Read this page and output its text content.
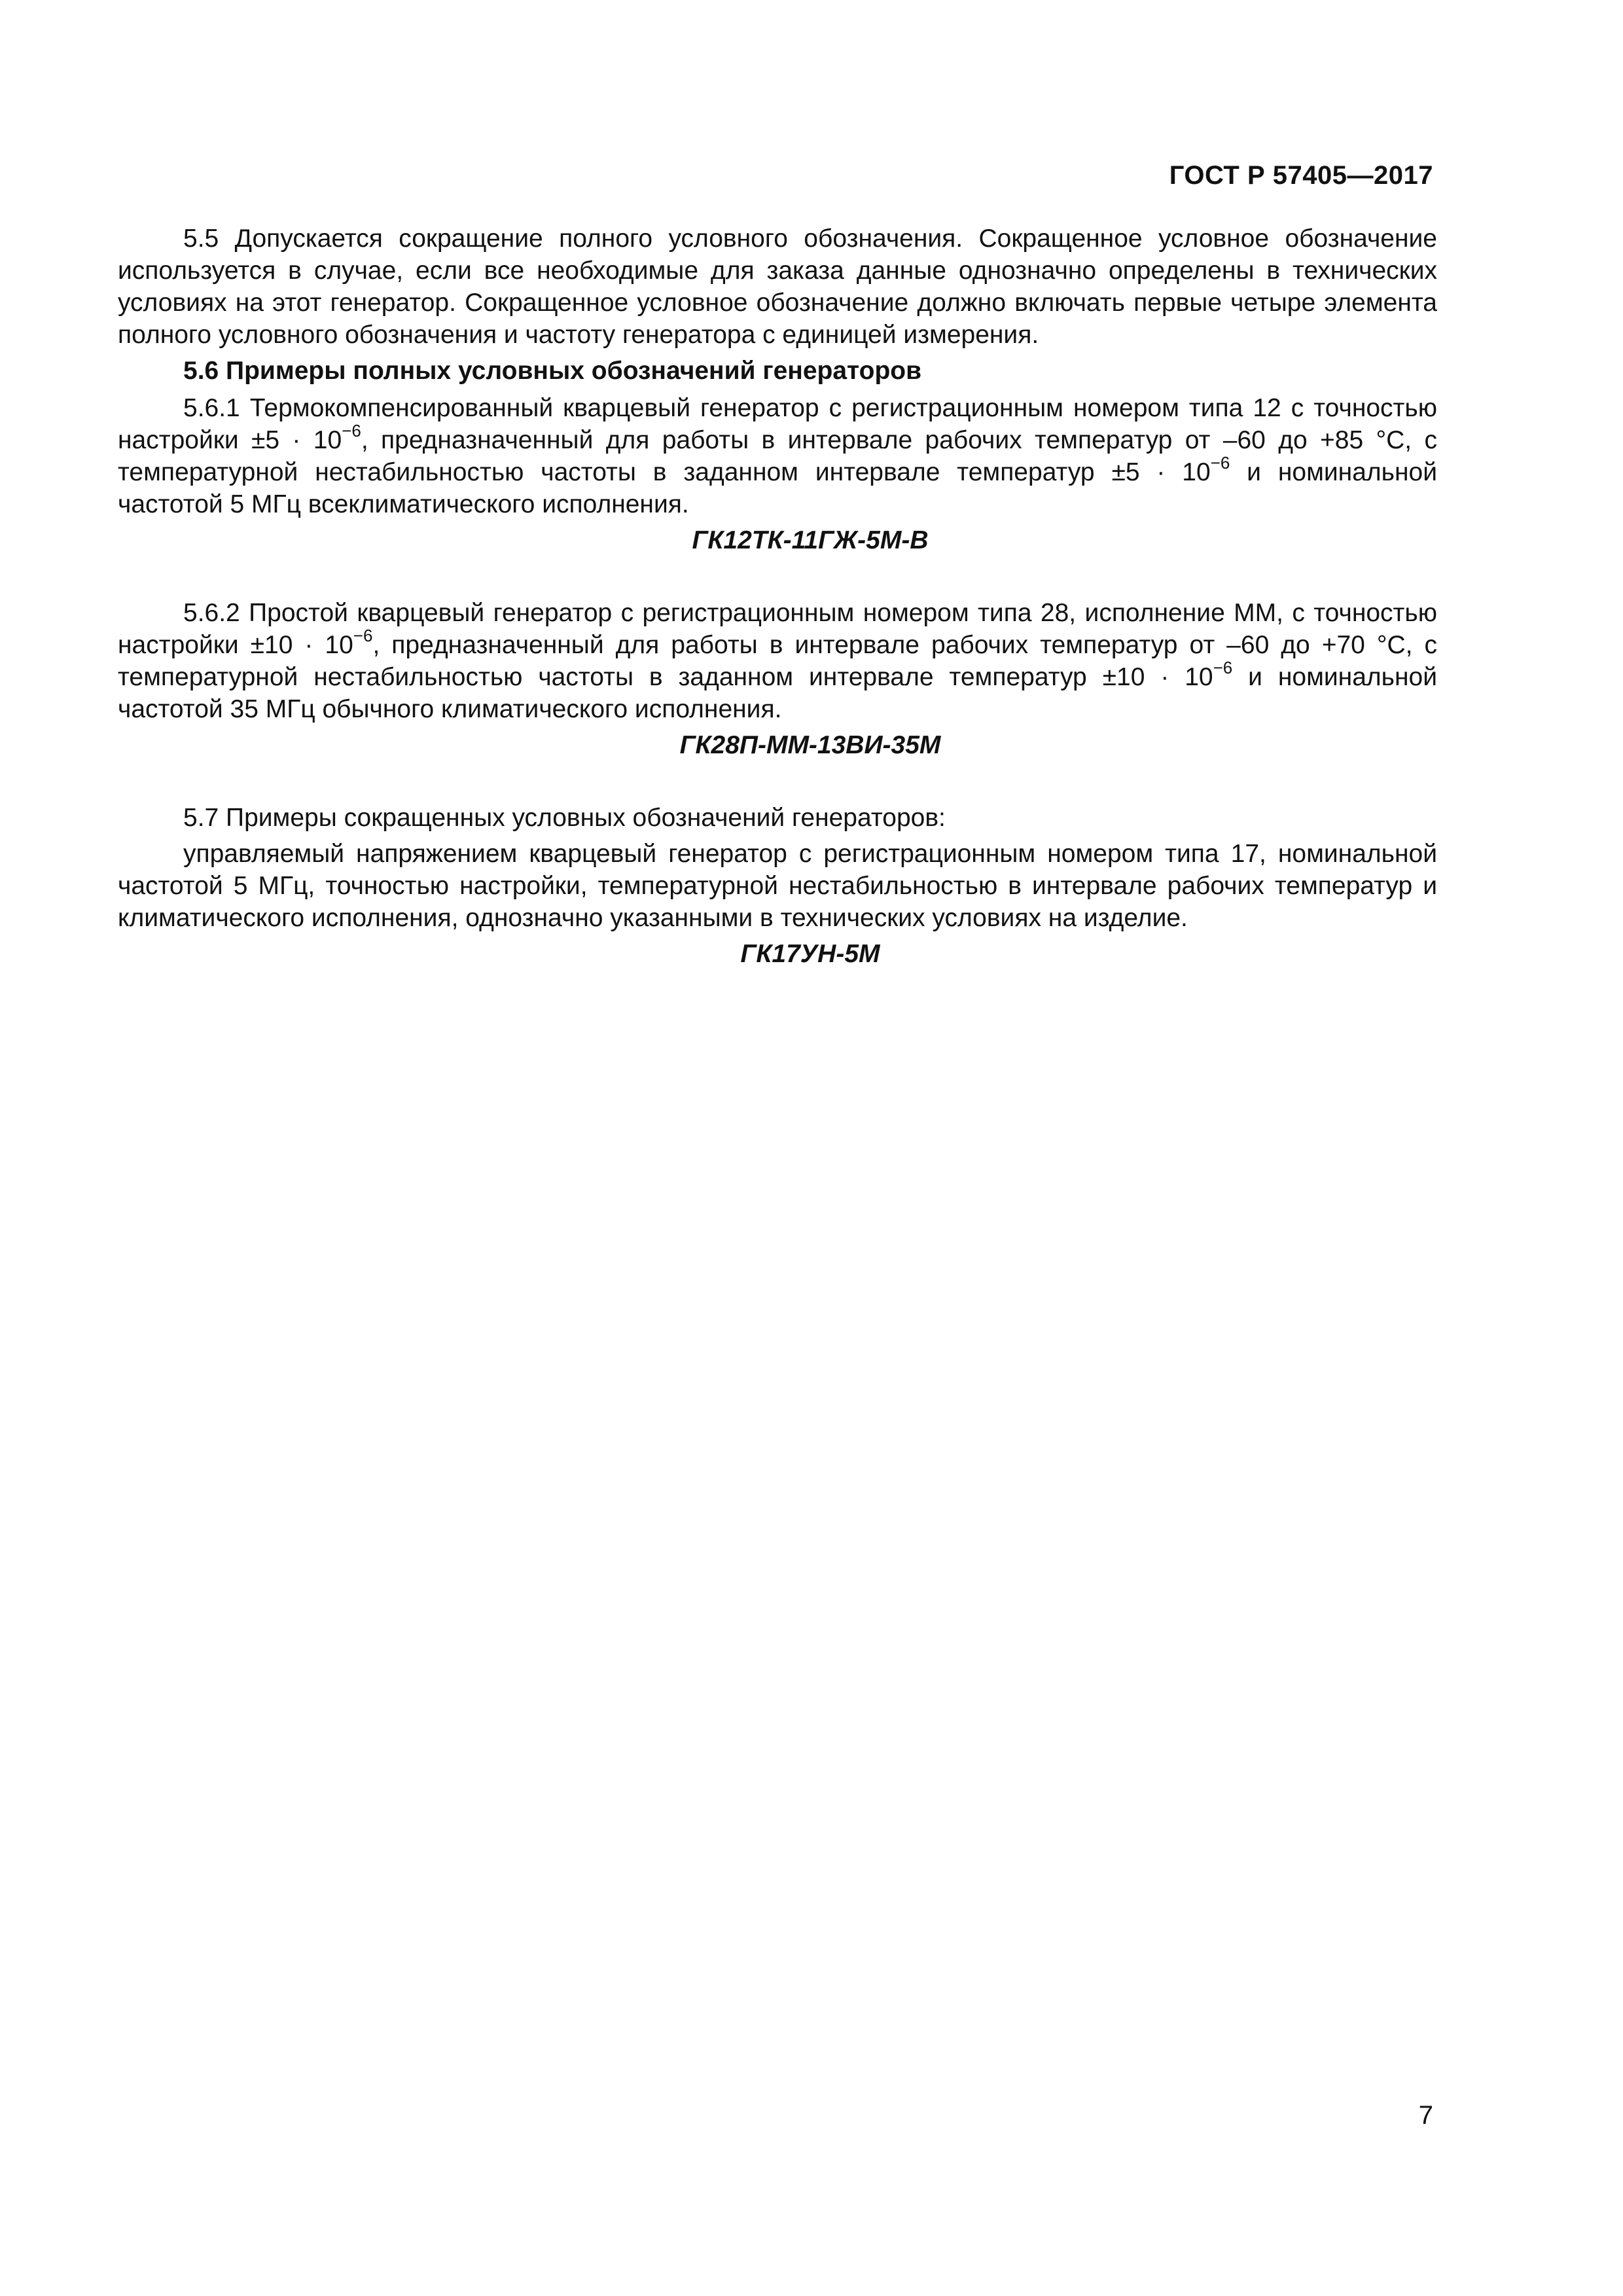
ГОСТ Р 57405—2017

5.5 Допускается сокращение полного условного обозначения. Сокращенное условное обозначение используется в случае, если все необходимые для заказа данные однозначно определены в технических условиях на этот генератор. Сокращенное условное обозначение должно включать первые четыре элемента полного условного обозначения и частоту генератора с единицей измерения.

5.6 Примеры полных условных обозначений генераторов

5.6.1 Термокомпенсированный кварцевый генератор с регистрационным номером типа 12 с точностью настройки $\pm 5 \cdot 10^{-6}$, предназначенный для работы в интервале рабочих температур от –60 до +85 °С, с температурной нестабильностью частоты в заданном интервале температур $\pm 5 \cdot 10^{-6}$ и номинальной частотой 5 МГц всеклиматического исполнения.

ГК12ТК-11ГЖ-5М-В

5.6.2 Простой кварцевый генератор с регистрационным номером типа 28, исполнение ММ, с точностью настройки $\pm 10 \cdot 10^{-6}$, предназначенный для работы в интервале рабочих температур от –60 до +70 °С, с температурной нестабильностью частоты в заданном интервале температур $\pm 10 \cdot 10^{-6}$ и номинальной частотой 35 МГц обычного климатического исполнения.

ГК28П-ММ-13ВИ-35М

5.7 Примеры сокращенных условных обозначений генераторов:

управляемый напряжением кварцевый генератор с регистрационным номером типа 17, номинальной частотой 5 МГц, точностью настройки, температурной нестабильностью в интервале рабочих температур и климатического исполнения, однозначно указанными в технических условиях на изделие.

ГК17УН-5М

7
